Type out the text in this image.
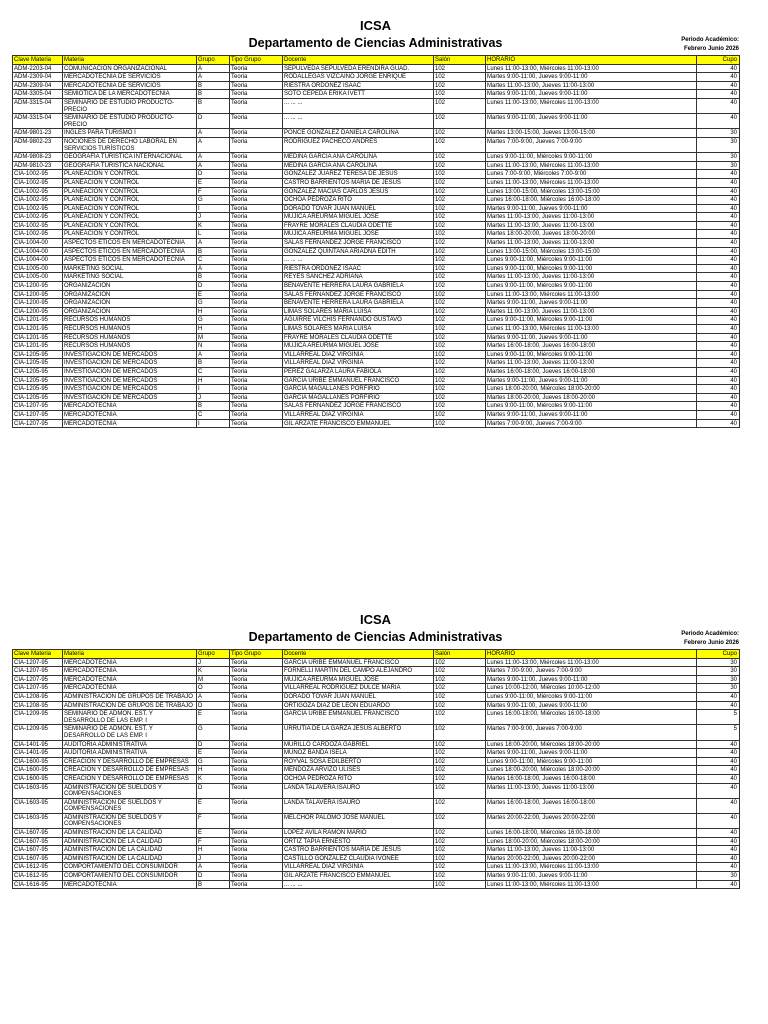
ICSA
Departamento de Ciencias Administrativas	Periodo Académico:
Febrero Junio 2026
Clave Materia	Materia	Grupo	Tipo Grupo	Docente	Salón	HORARIO	Cupo
ADM-2203-04	COMUNICACION ORGANIZACIONAL	A	Teoria	SEPULVEDA SEPULVEDA ERENDIRA GUAD.	102	Lunes 11:00-13:00, Miércoles 11:00-13:00	40
ADM-2309-04	MERCADOTECNIA DE SERVICIOS	A	Teoria	RODALLEGAS VIZCAINO JORGE ENRIQUE	102	Martes 9:00-11:00, Jueves 9:00-11:00	40
ADM-2309-04	MERCADOTECNIA DE SERVICIOS	B	Teoria	RIESTRA ORDOÑEZ ISAAC	102	Martes 11:00-13:00, Jueves 11:00-13:00	40
ADM-3305-04	SEMIOTICA DE LA MERCADOTECNIA	B	Teoria	SOTO CEPEDA ERIKA IVETT	102	Martes 9:00-11:00, Jueves 9:00-11:00	40
ADM-3315-04	SEMINARIO DE ESTUDIO PRODUCTO-PRECIO	B	Teoria	... ... ...	102	Lunes 11:00-13:00, Miércoles 11:00-13:00	40
ADM-3315-04	SEMINARIO DE ESTUDIO PRODUCTO-PRECIO	D	Teoria	... ... ...	102	Martes 9:00-11:00, Jueves 9:00-11:00	40
ADM-9801-23	INGLES PARA TURISMO I	A	Teoria	PONCE GONZALEZ DANIELA CAROLINA	102	Martes 13:00-15:00, Jueves 13:00-15:00	30
ADM-9802-23	NOCIONES DE DERECHO LABORAL EN SERVICIOS TURÍSTICOS	A	Teoria	RODRIGUEZ PACHECO ANDRES	102	Martes 7:00-9:00, Jueves 7:00-9:00	30
ADM-9808-23	GEOGRAFÍA TURÍSTICA INTERNACIONAL	A	Teoria	MEDINA GARCIA ANA CAROLINA	102	Lunes 9:00-11:00, Miércoles 9:00-11:00	30
ADM-9810-23	GEOGRAFÍA TURÍSTICA NACIONAL	A	Teoria	MEDINA GARCIA ANA CAROLINA	102	Lunes 11:00-13:00, Miércoles 11:00-13:00	30
CIA-1002-95	PLANEACION Y CONTROL	D	Teoria	GONZALEZ JUAREZ TERESA DE JESUS	102	Lunes 7:00-9:00, Miércoles 7:00-9:00	40
CIA-1002-95	PLANEACION Y CONTROL	E	Teoria	CASTRO BARRIENTOS MARIA DE JESUS	102	Lunes 11:00-13:00, Miércoles 11:00-13:00	40
CIA-1002-95	PLANEACION Y CONTROL	F	Teoria	GONZALEZ MACIAS CARLOS JESUS	102	Lunes 13:00-15:00, Miércoles 13:00-15:00	40
CIA-1002-95	PLANEACION Y CONTROL	G	Teoria	OCHOA PEDROZA RITO	102	Lunes 16:00-18:00, Miércoles 16:00-18:00	40
CIA-1002-95	PLANEACION Y CONTROL	I	Teoria	DORADO TOVAR JUAN MANUEL	102	Martes 9:00-11:00, Jueves 9:00-11:00	40
CIA-1002-95	PLANEACION Y CONTROL	J	Teoria	MUJICA AREURMA MIGUEL JOSE	102	Martes 11:00-13:00, Jueves 11:00-13:00	40
CIA-1002-95	PLANEACION Y CONTROL	K	Teoria	FRAYRE MORALES CLAUDIA ODETTE	102	Martes 11:00-13:00, Jueves 11:00-13:00	40
CIA-1002-95	PLANEACION Y CONTROL	L	Teoria	MUJICA AREURMA MIGUEL JOSE	102	Martes 18:00-20:00, Jueves 18:00-20:00	40
CIA-1004-00	ASPECTOS ETICOS EN MERCADOTECNIA	A	Teoria	SALAS FERNANDEZ JORGE FRANCISCO	102	Martes 11:00-13:00, Jueves 11:00-13:00	40
CIA-1004-00	ASPECTOS ETICOS EN MERCADOTECNIA	B	Teoria	GONZALEZ QUINTANA ARIADNA EDITH	102	Lunes 13:00-15:00, Miércoles 13:00-15:00	40
CIA-1004-00	ASPECTOS ETICOS EN MERCADOTECNIA	C	Teoria	... ... ...	102	Lunes 9:00-11:00, Miércoles 9:00-11:00	40
CIA-1005-00	MARKETING SOCIAL	A	Teoria	RIESTRA ORDOÑEZ ISAAC	102	Lunes 9:00-11:00, Miércoles 9:00-11:00	40
CIA-1005-00	MARKETING SOCIAL	B	Teoria	REYES SANCHEZ ADRIANA	102	Martes 11:00-13:00, Jueves 11:00-13:00	40
CIA-1200-95	ORGANIZACION	D	Teoria	BENAVENTE HERRERA LAURA GABRIELA	102	Lunes 9:00-11:00, Miércoles 9:00-11:00	40
CIA-1200-95	ORGANIZACION	E	Teoria	SALAS FERNANDEZ JORGE FRANCISCO	102	Lunes 11:00-13:00, Miércoles 11:00-13:00	40
CIA-1200-95	ORGANIZACION	G	Teoria	BENAVENTE HERRERA LAURA GABRIELA	102	Martes 9:00-11:00, Jueves 9:00-11:00	40
CIA-1200-95	ORGANIZACION	H	Teoria	LIMAS SOLARES MARIA LUISA	102	Martes 11:00-13:00, Jueves 11:00-13:00	40
CIA-1201-95	RECURSOS HUMANOS	G	Teoria	AGUIRRE VILCHIS FERNANDO GUSTAVO	102	Lunes 9:00-11:00, Miércoles 9:00-11:00	40
CIA-1201-95	RECURSOS HUMANOS	H	Teoria	LIMAS SOLARES MARIA LUISA	102	Lunes 11:00-13:00, Miércoles 11:00-13:00	40
CIA-1201-95	RECURSOS HUMANOS	M	Teoria	FRAYRE MORALES CLAUDIA ODETTE	102	Martes 9:00-11:00, Jueves 9:00-11:00	40
CIA-1201-95	RECURSOS HUMANOS	N	Teoria	MUJICA AREURMA MIGUEL JOSE	102	Martes 16:00-18:00, Jueves 16:00-18:00	40
CIA-1205-95	INVESTIGACION DE MERCADOS	A	Teoria	VILLARREAL DIAZ VIRGINIA	102	Lunes 9:00-11:00, Miércoles 9:00-11:00	40
CIA-1205-95	INVESTIGACION DE MERCADOS	B	Teoria	VILLARREAL DIAZ VIRGINIA	102	Martes 11:00-13:00, Jueves 11:00-13:00	40
CIA-1205-95	INVESTIGACION DE MERCADOS	C	Teoria	PEREZ GALARZA LAURA FABIOLA	102	Martes 16:00-18:00, Jueves 16:00-18:00	40
CIA-1205-95	INVESTIGACION DE MERCADOS	H	Teoria	GARCIA URIBE EMMANUEL FRANCISCO	102	Martes 9:00-11:00, Jueves 9:00-11:00	40
CIA-1205-95	INVESTIGACION DE MERCADOS	I	Teoria	GARCIA MAGALLANES PORFIRIO	102	Lunes 18:00-20:00, Miércoles 18:00-20:00	40
CIA-1205-95	INVESTIGACION DE MERCADOS	J	Teoria	GARCIA MAGALLANES PORFIRIO	102	Martes 18:00-20:00, Jueves 18:00-20:00	40
CIA-1207-95	MERCADOTECNIA	B	Teoria	SALAS FERNANDEZ JORGE FRANCISCO	102	Lunes 9:00-11:00, Miércoles 9:00-11:00	40
CIA-1207-95	MERCADOTECNIA	C	Teoria	VILLARREAL DIAZ VIRGINIA	102	Martes 9:00-11:00, Jueves 9:00-11:00	40
CIA-1207-95	MERCADOTECNIA	I	Teoria	GIL ARZATE FRANCISCO EMMANUEL	102	Martes 7:00-9:00, Jueves 7:00-9:00	40
ICSA
Departamento de Ciencias Administrativas	Periodo Académico:
Febrero Junio 2026
Clave Materia	Materia	Grupo	Tipo Grupo	Docente	Salón	HORARIO	Cupo
CIA-1207-95	MERCADOTECNIA	J	Teoria	GARCIA URIBE EMMANUEL FRANCISCO	102	Lunes 11:00-13:00, Miércoles 11:00-13:00	30
CIA-1207-95	MERCADOTECNIA	K	Teoria	FORNELLI MARTIN DEL CAMPO ALEJANDRO	102	Martes 7:00-9:00, Jueves 7:00-9:00	30
CIA-1207-95	MERCADOTECNIA	M	Teoria	MUJICA AREURMA MIGUEL JOSE	102	Martes 9:00-11:00, Jueves 9:00-11:00	30
CIA-1207-95	MERCADOTECNIA	O	Teoria	VILLARREAL RODRIGUEZ DULCE MARIA	102	Lunes 10:00-12:00, Miércoles 10:00-12:00	30
CIA-1208-95	ADMINISTRACION DE GRUPOS DE TRABAJO	A	Teoria	DORADO TOVAR JUAN MANUEL	102	Lunes 9:00-11:00, Miércoles 9:00-11:00	40
CIA-1208-95	ADMINISTRACION DE GRUPOS DE TRABAJO	D	Teoria	ORTIGOZA DIAZ DE LEON EDUARDO	102	Martes 9:00-11:00, Jueves 9:00-11:00	40
CIA-1209-95	SEMINARIO DE ADMON. EST. Y DESARROLLO DE LAS EMP. I	E	Teoria	GARCIA URIBE EMMANUEL FRANCISCO	102	Lunes 16:00-18:00, Miércoles 16:00-18:00	5
CIA-1209-95	SEMINARIO DE ADMON. EST. Y DESARROLLO DE LAS EMP. I	G	Teoria	URRUTIA DE LA GARZA JESUS ALBERTO	102	Martes 7:00-9:00, Jueves 7:00-9:00	5
CIA-1401-95	AUDITORIA ADMINISTRATIVA	D	Teoria	MURILLO CARDOZA GABRIEL	102	Lunes 18:00-20:00, Miércoles 18:00-20:00	40
CIA-1401-95	AUDITORIA ADMINISTRATIVA	E	Teoria	MUÑOZ BANDA ISELA	102	Martes 9:00-11:00, Jueves 9:00-11:00	40
CIA-1600-95	CREACION Y DESARROLLO DE EMPRESAS	G	Teoria	ROYVAL SOSA EDILBERTO	102	Lunes 9:00-11:00, Miércoles 9:00-11:00	40
CIA-1600-95	CREACION Y DESARROLLO DE EMPRESAS	H	Teoria	MENDOZA ARVIZO ULISES	102	Lunes 18:00-20:00, Miércoles 18:00-20:00	40
CIA-1600-95	CREACION Y DESARROLLO DE EMPRESAS	K	Teoria	OCHOA PEDROZA RITO	102	Martes 16:00-18:00, Jueves 16:00-18:00	40
CIA-1603-95	ADMINISTRACION DE SUELDOS Y COMPENSACIONES	D	Teoria	LANDA TALAVERA ISAURO	102	Martes 11:00-13:00, Jueves 11:00-13:00	40
CIA-1603-95	ADMINISTRACION DE SUELDOS Y COMPENSACIONES	E	Teoria	LANDA TALAVERA ISAURO	102	Martes 16:00-18:00, Jueves 16:00-18:00	40
CIA-1603-95	ADMINISTRACION DE SUELDOS Y COMPENSACIONES	F	Teoria	MELCHOR PALOMO JOSE MANUEL	102	Martes 20:00-22:00, Jueves 20:00-22:00	40
CIA-1607-95	ADMINISTRACION DE LA CALIDAD	E	Teoria	LOPEZ AVILA RAMON MARIO	102	Lunes 16:00-18:00, Miércoles 16:00-18:00	40
CIA-1607-95	ADMINISTRACION DE LA CALIDAD	F	Teoria	ORTIZ TAPIA ERNESTO	102	Lunes 18:00-20:00, Miércoles 18:00-20:00	40
CIA-1607-95	ADMINISTRACION DE LA CALIDAD	H	Teoria	CASTRO BARRIENTOS MARIA DE JESUS	102	Martes 11:00-13:00, Jueves 11:00-13:00	40
CIA-1607-95	ADMINISTRACION DE LA CALIDAD	J	Teoria	CASTILLO GONZALEZ CLAUDIA IVONEE	102	Martes 20:00-22:00, Jueves 20:00-22:00	40
CIA-1612-95	COMPORTAMIENTO DEL CONSUMIDOR	A	Teoria	VILLARREAL DIAZ VIRGINIA	102	Lunes 11:00-13:00, Miércoles 11:00-13:00	40
CIA-1612-95	COMPORTAMIENTO DEL CONSUMIDOR	D	Teoria	GIL ARZATE FRANCISCO EMMANUEL	102	Martes 9:00-11:00, Jueves 9:00-11:00	30
CIA-1616-95	MERCADOTECNIA	B	Teoria	... ... ...	102	Lunes 11:00-13:00, Miércoles 11:00-13:00	40
